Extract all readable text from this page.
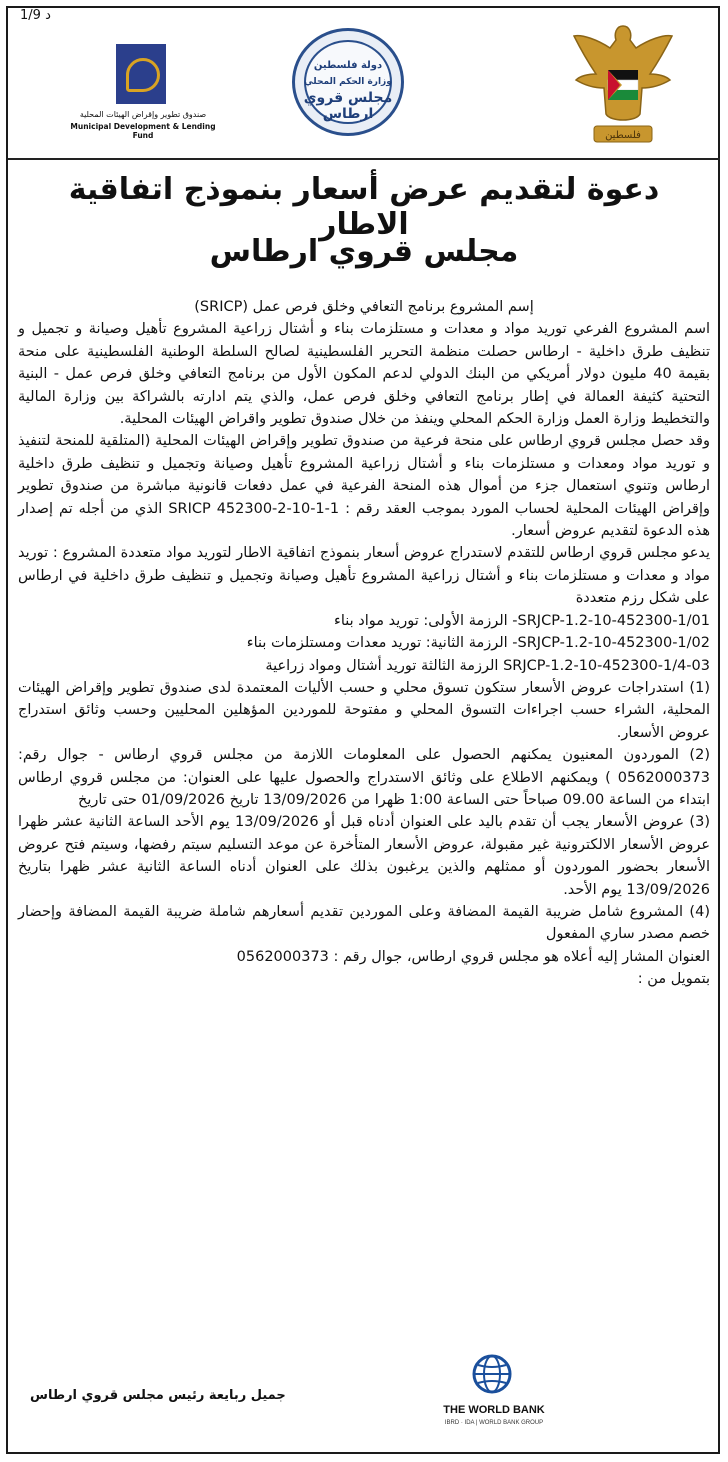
1/9 د
صندوق تطوير وإقراض الهيئات المحلية
Municipal Development & Lending Fund
دولة فلسطين
وزارة الحكم المحلي
مجلس قروي ارطاس
فلسطين
دعوة لتقديم عرض أسعار بنموذج اتفاقية الاطار
مجلس قروي ارطاس

إسم المشروع برنامج التعافي وخلق فرص عمل (SRICP)

اسم المشروع الفرعي توريد مواد و معدات و مستلزمات بناء و أشتال زراعية المشروع تأهيل وصيانة و تجميل و تنظيف طرق داخلية - ارطاس حصلت منظمة التحرير الفلسطينية لصالح السلطة الوطنية الفلسطينية على منحة بقيمة 40 مليون دولار أمريكي من البنك الدولي لدعم المكون الأول من برنامج التعافي وخلق فرص عمل - البنية التحتية كثيفة العمالة في إطار برنامج التعافي وخلق فرص عمل، والذي يتم ادارته بالشراكة بين وزارة المالية والتخطيط وزارة العمل وزارة الحكم المحلي وينفذ من خلال صندوق تطوير واقراض الهيئات المحلية.

وقد حصل مجلس قروي ارطاس على منحة فرعية من صندوق تطوير وإقراض الهيئات المحلية (المتلقية للمنحة لتنفيذ و توريد مواد ومعدات و مستلزمات بناء و أشتال زراعية المشروع تأهيل وصيانة وتجميل و تنظيف طرق داخلية ارطاس وتنوي استعمال جزء من أموال هذه المنحة الفرعية في عمل دفعات قانونية مباشرة من صندوق تطوير وإقراض الهيئات المحلية لحساب المورد بموجب العقد رقم : SRICP 452300-2-10-1-1 الذي من أجله تم إصدار هذه الدعوة لتقديم عروض أسعار.

يدعو مجلس قروي ارطاس للتقدم لاستدراج عروض أسعار بنموذج اتفاقية الاطار لتوريد مواد متعددة المشروع : توريد مواد و معدات و مستلزمات بناء و أشتال زراعية المشروع تأهيل وصيانة وتجميل و تنظيف طرق داخلية في ارطاس على شكل رزم متعددة

SRJCP-1.2-10-452300-1/01- الرزمة الأولى: توريد مواد بناء

SRJCP-1.2-10-452300-1/02- الرزمة الثانية: توريد معدات ومستلزمات بناء

SRJCP-1.2-10-452300-1/4-03 الرزمة الثالثة توريد أشتال ومواد زراعية

(1) استدراجات عروض الأسعار ستكون تسوق محلي و حسب الأليات المعتمدة لدى صندوق تطوير وإقراض الهيئات المحلية، الشراء حسب اجراءات التسوق المحلي و مفتوحة للموردين المؤهلين المحليين وحسب وثائق استدراج عروض الأسعار.

(2) الموردون المعنيون يمكنهم الحصول على المعلومات اللازمة من مجلس قروي ارطاس - جوال رقم: 0562000373 ) ويمكنهم الاطلاع على وثائق الاستدراج والحصول عليها على العنوان: من مجلس قروي ارطاس ابتداء من الساعة 09.00 صباحاً حتى الساعة 1:00 ظهرا من 13/09/2026 تاريخ 01/09/2026 حتى تاريخ

(3) عروض الأسعار يجب أن تقدم باليد على العنوان أدناه قبل أو 13/09/2026 يوم الأحد الساعة الثانية عشر ظهرا عروض الأسعار الالكترونية غير مقبولة، عروض الأسعار المتأخرة عن موعد التسليم سيتم رفضها، وسيتم فتح عروض الأسعار بحضور الموردون أو ممثلهم والذين يرغبون بذلك على العنوان أدناه الساعة الثانية عشر ظهرا بتاريخ 13/09/2026 يوم الأحد.

(4) المشروع شامل ضريبة القيمة المضافة وعلى الموردين تقديم أسعارهم شاملة ضريبة القيمة المضافة وإحضار خصم مصدر ساري المفعول

العنوان المشار إليه أعلاه هو مجلس قروي ارطاس، جوال رقم : 0562000373

بتمويل من :

THE WORLD BANK
IBRD · IDA | WORLD BANK GROUP
جميل ربايعة رئيس مجلس قروي ارطاس
